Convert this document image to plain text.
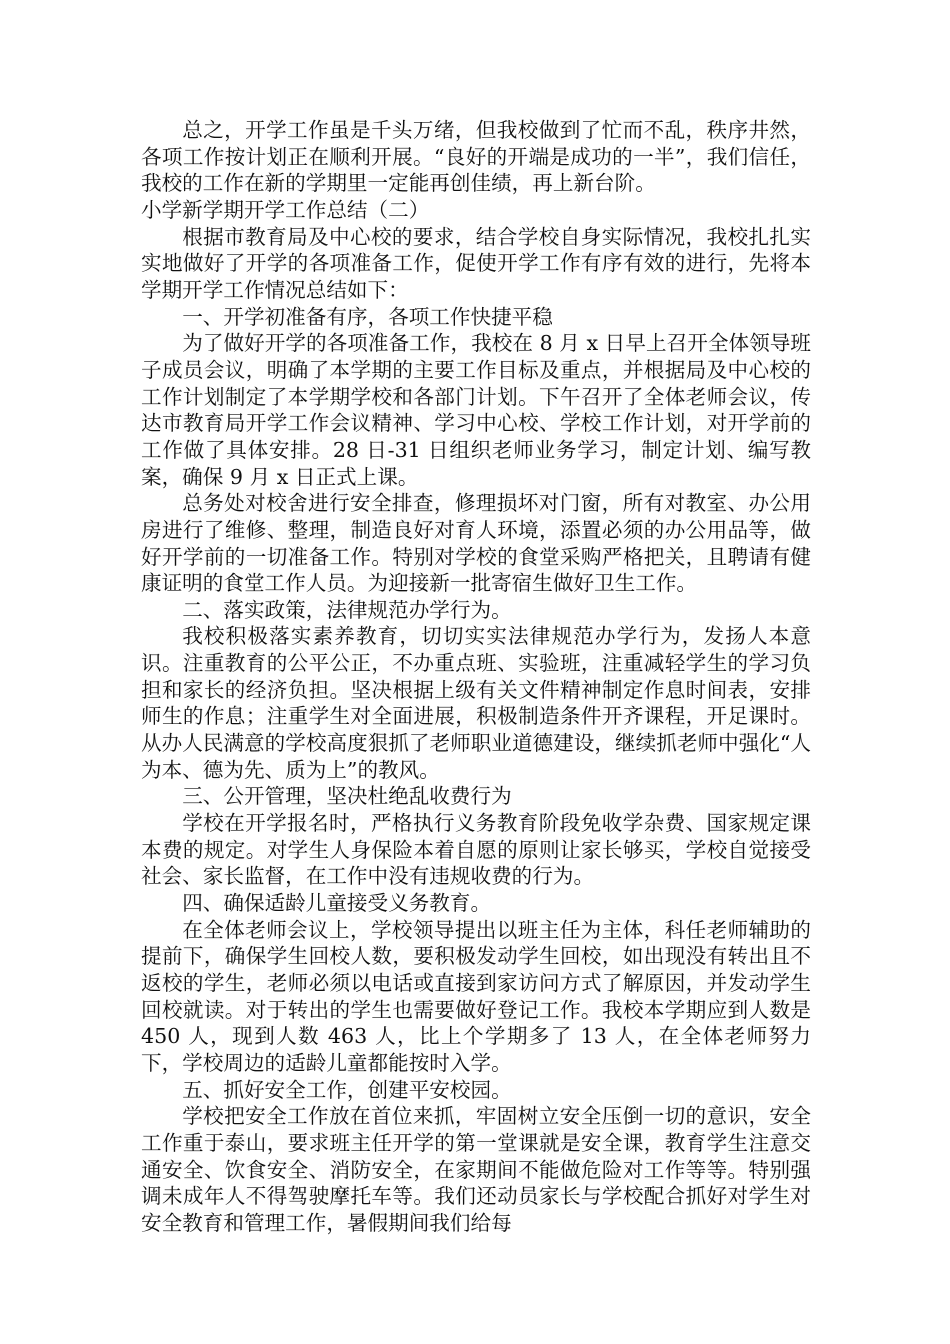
总之，开学工作虽是千头万绪，但我校做到了忙而不乱，秩序井然，各项工作按计划正在顺利开展。“良好的开端是成功的一半”，我们信任，我校的工作在新的学期里一定能再创佳绩，再上新台阶。

小学新学期开学工作总结（二）

根据市教育局及中心校的要求，结合学校自身实际情况，我校扎扎实实地做好了开学的各项准备工作，促使开学工作有序有效的进行，先将本学期开学工作情况总结如下：

一、开学初准备有序，各项工作快捷平稳

为了做好开学的各项准备工作，我校在 8 月 x 日早上召开全体领导班子成员会议，明确了本学期的主要工作目标及重点，并根据局及中心校的工作计划制定了本学期学校和各部门计划。下午召开了全体老师会议，传达市教育局开学工作会议精神、学习中心校、学校工作计划，对开学前的工作做了具体安排。28 日-31 日组织老师业务学习，制定计划、编写教案，确保 9 月 x 日正式上课。

总务处对校舍进行安全排查，修理损坏对门窗，所有对教室、办公用房进行了维修、整理，制造良好对育人环境，添置必须的办公用品等，做好开学前的一切准备工作。特别对学校的食堂采购严格把关，且聘请有健康证明的食堂工作人员。为迎接新一批寄宿生做好卫生工作。

二、落实政策，法律规范办学行为。

我校积极落实素养教育，切切实实法律规范办学行为，发扬人本意识。注重教育的公平公正，不办重点班、实验班，注重减轻学生的学习负担和家长的经济负担。坚决根据上级有关文件精神制定作息时间表，安排师生的作息；注重学生对全面进展，积极制造条件开齐课程，开足课时。从办人民满意的学校高度狠抓了老师职业道德建设，继续抓老师中强化“人为本、德为先、质为上”的教风。

三、公开管理，坚决杜绝乱收费行为

学校在开学报名时，严格执行义务教育阶段免收学杂费、国家规定课本费的规定。对学生人身保险本着自愿的原则让家长够买，学校自觉接受社会、家长监督，在工作中没有违规收费的行为。

四、确保适龄儿童接受义务教育。

在全体老师会议上，学校领导提出以班主任为主体，科任老师辅助的提前下，确保学生回校人数，要积极发动学生回校，如出现没有转出且不返校的学生，老师必须以电话或直接到家访问方式了解原因，并发动学生回校就读。对于转出的学生也需要做好登记工作。我校本学期应到人数是 450 人，现到人数 463 人，比上个学期多了 13 人，在全体老师努力下，学校周边的适龄儿童都能按时入学。

五、抓好安全工作，创建平安校园。

学校把安全工作放在首位来抓，牢固树立安全压倒一切的意识，安全工作重于泰山，要求班主任开学的第一堂课就是安全课，教育学生注意交通安全、饮食安全、消防安全，在家期间不能做危险对工作等等。特别强调未成年人不得驾驶摩托车等。我们还动员家长与学校配合抓好对学生对安全教育和管理工作，暑假期间我们给每
